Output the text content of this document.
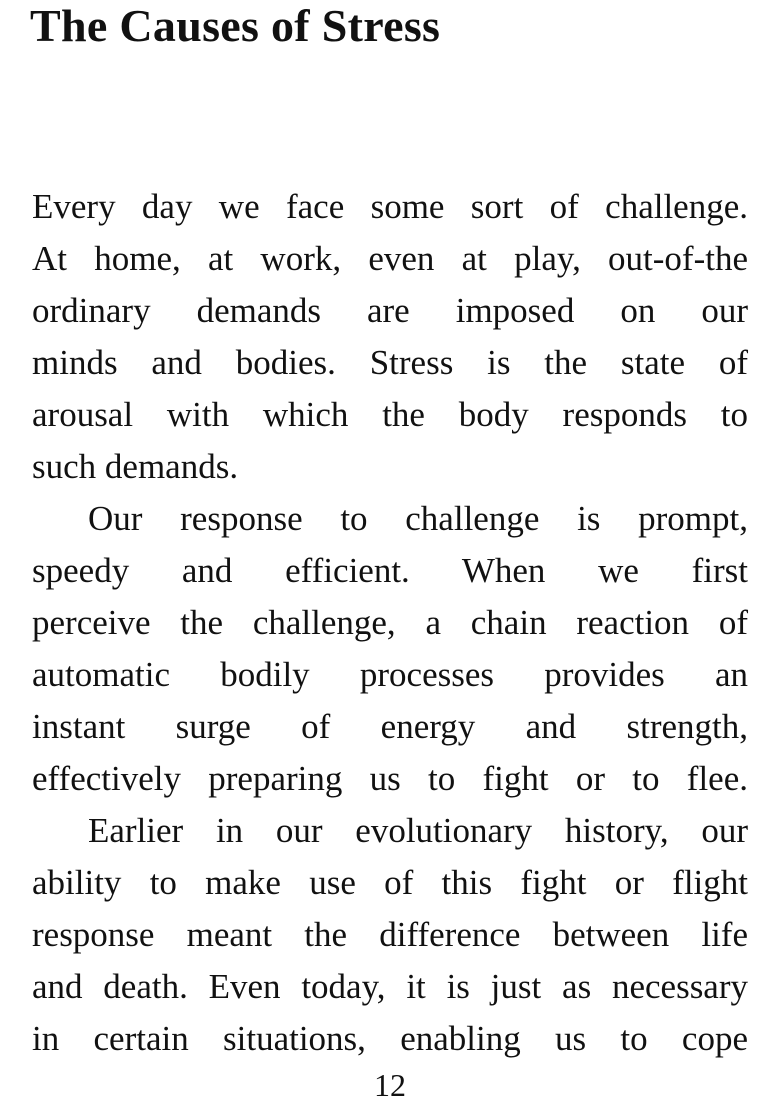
The Causes of Stress
Every day we face some sort of challenge.
At home, at work, even at play, out-of-the
ordinary demands are imposed on our
minds and bodies. Stress is the state of
arousal with which the body responds to
such demands.
Our response to challenge is prompt,
speedy and efficient. When we first
perceive the challenge, a chain reaction of
automatic bodily processes provides an
instant surge of energy and strength,
effectively preparing us to fight or to flee.
Earlier in our evolutionary history, our
ability to make use of this fight or flight
response meant the difference between life
and death. Even today, it is just as necessary
in certain situations, enabling us to cope
12
